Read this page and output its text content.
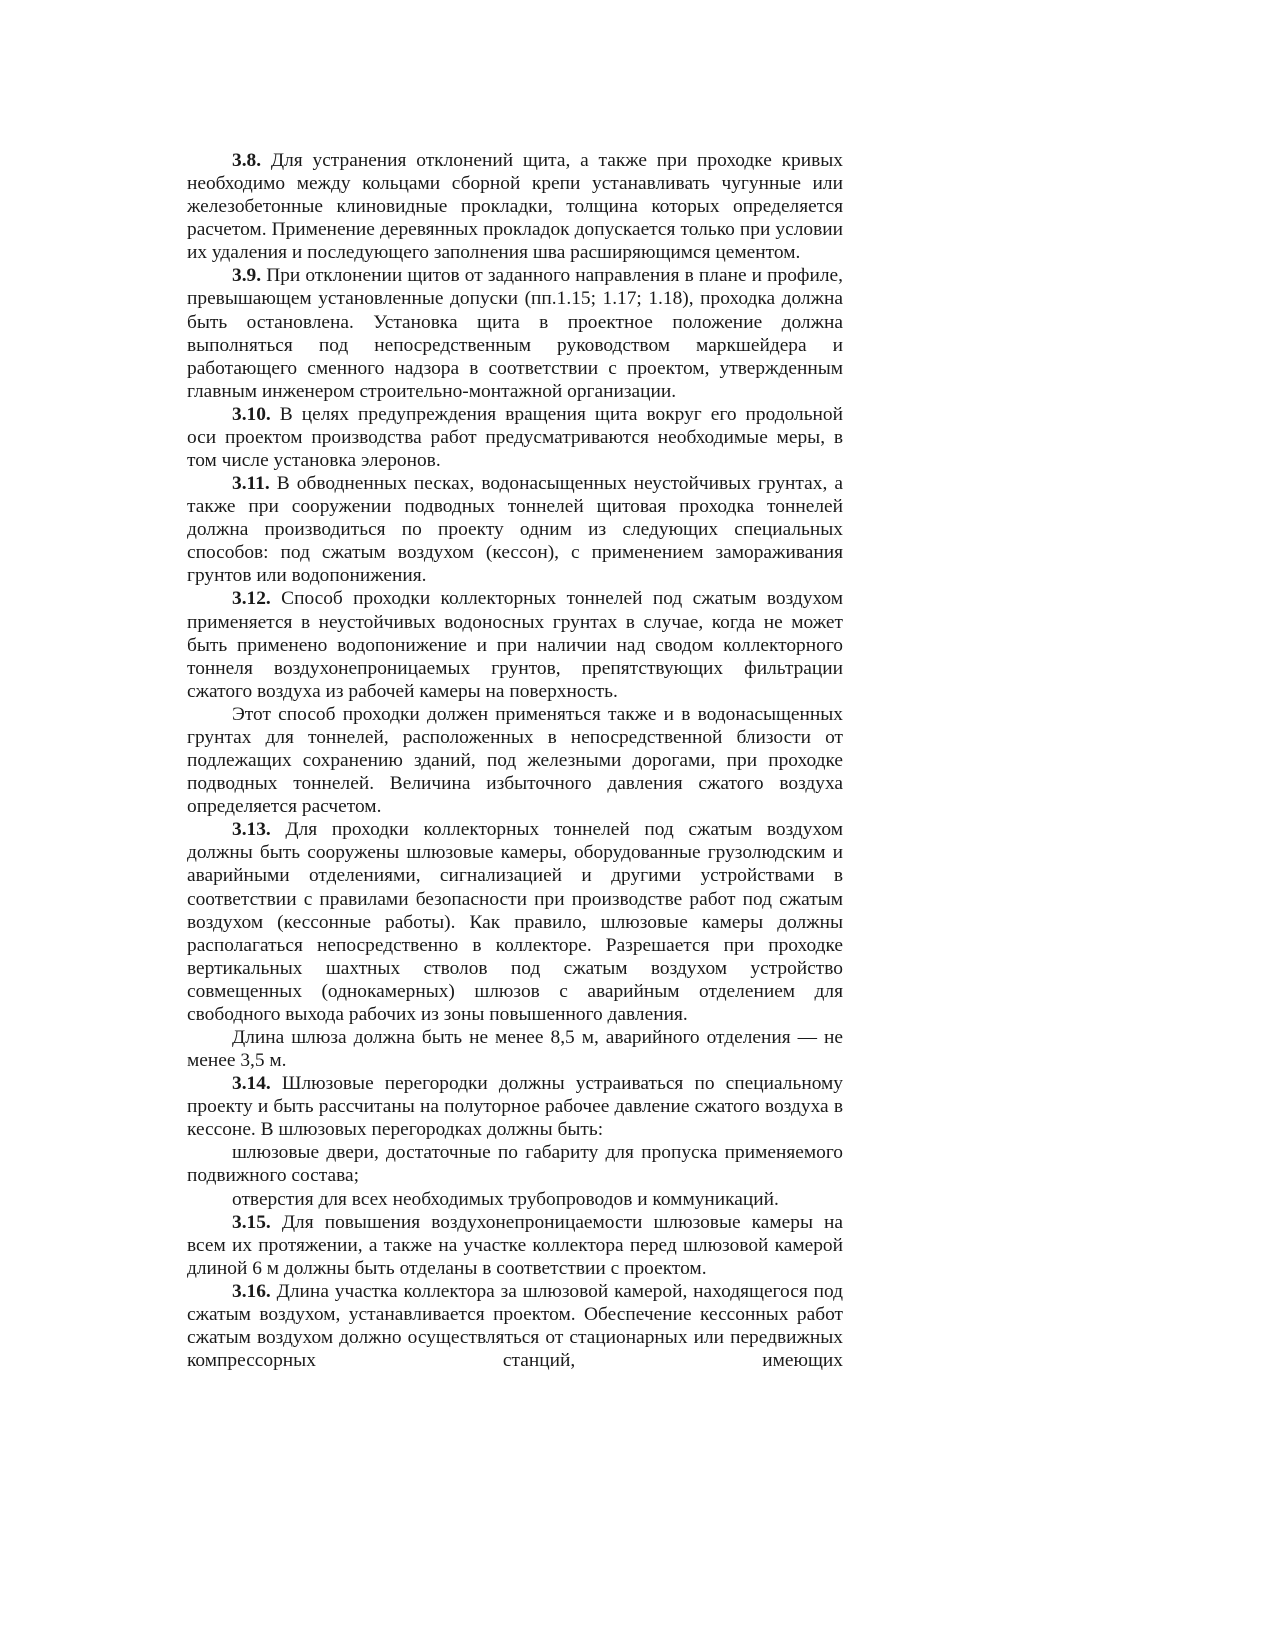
3.8. Для устранения отклонений щита, а также при проходке кривых необходимо между кольцами сборной крепи устанавливать чугунные или железобетонные клиновидные прокладки, толщина которых определяется расчетом. Применение деревянных прокладок допускается только при условии их удаления и последующего заполнения шва расширяющимся цементом.

3.9. При отклонении щитов от заданного направления в плане и профиле, превышающем установленные допуски (пп.1.15; 1.17; 1.18), проходка должна быть остановлена. Установка щита в проектное положение должна выполняться под непосредственным руководством маркшейдера и работающего сменного надзора в соответствии с проектом, утвержденным главным инженером строительно-монтажной организации.

3.10. В целях предупреждения вращения щита вокруг его продольной оси проектом производства работ предусматриваются необходимые меры, в том числе установка элеронов.

3.11. В обводненных песках, водонасыщенных неустойчивых грунтах, а также при сооружении подводных тоннелей щитовая проходка тоннелей должна производиться по проекту одним из следующих специальных способов: под сжатым воздухом (кессон), с применением замораживания грунтов или водопонижения.

3.12. Способ проходки коллекторных тоннелей под сжатым воздухом применяется в неустойчивых водоносных грунтах в случае, когда не может быть применено водопонижение и при наличии над сводом коллекторного тоннеля воздухонепроницаемых грунтов, препятствующих фильтрации сжатого воздуха из рабочей камеры на поверхность.

Этот способ проходки должен применяться также и в водонасыщенных грунтах для тоннелей, расположенных в непосредственной близости от подлежащих сохранению зданий, под железными дорогами, при проходке подводных тоннелей. Величина избыточного давления сжатого воздуха определяется расчетом.

3.13. Для проходки коллекторных тоннелей под сжатым воздухом должны быть сооружены шлюзовые камеры, оборудованные грузолюдским и аварийными отделениями, сигнализацией и другими устройствами в соответствии с правилами безопасности при производстве работ под сжатым воздухом (кессонные работы). Как правило, шлюзовые камеры должны располагаться непосредственно в коллекторе. Разрешается при проходке вертикальных шахтных стволов под сжатым воздухом устройство совмещенных (однокамерных) шлюзов с аварийным отделением для свободного выхода рабочих из зоны повышенного давления.

Длина шлюза должна быть не менее 8,5 м, аварийного отделения — не менее 3,5 м.

3.14. Шлюзовые перегородки должны устраиваться по специальному проекту и быть рассчитаны на полуторное рабочее давление сжатого воздуха в кессоне. В шлюзовых перегородках должны быть:

шлюзовые двери, достаточные по габариту для пропуска применяемого подвижного состава;

отверстия для всех необходимых трубопроводов и коммуникаций.

3.15. Для повышения воздухонепроницаемости шлюзовые камеры на всем их протяжении, а также на участке коллектора перед шлюзовой камерой длиной 6 м должны быть отделаны в соответствии с проектом.

3.16. Длина участка коллектора за шлюзовой камерой, находящегося под сжатым воздухом, устанавливается проектом. Обеспечение кессонных работ сжатым воздухом должно осуществляться от стационарных или передвижных компрессорных станций, имеющих
